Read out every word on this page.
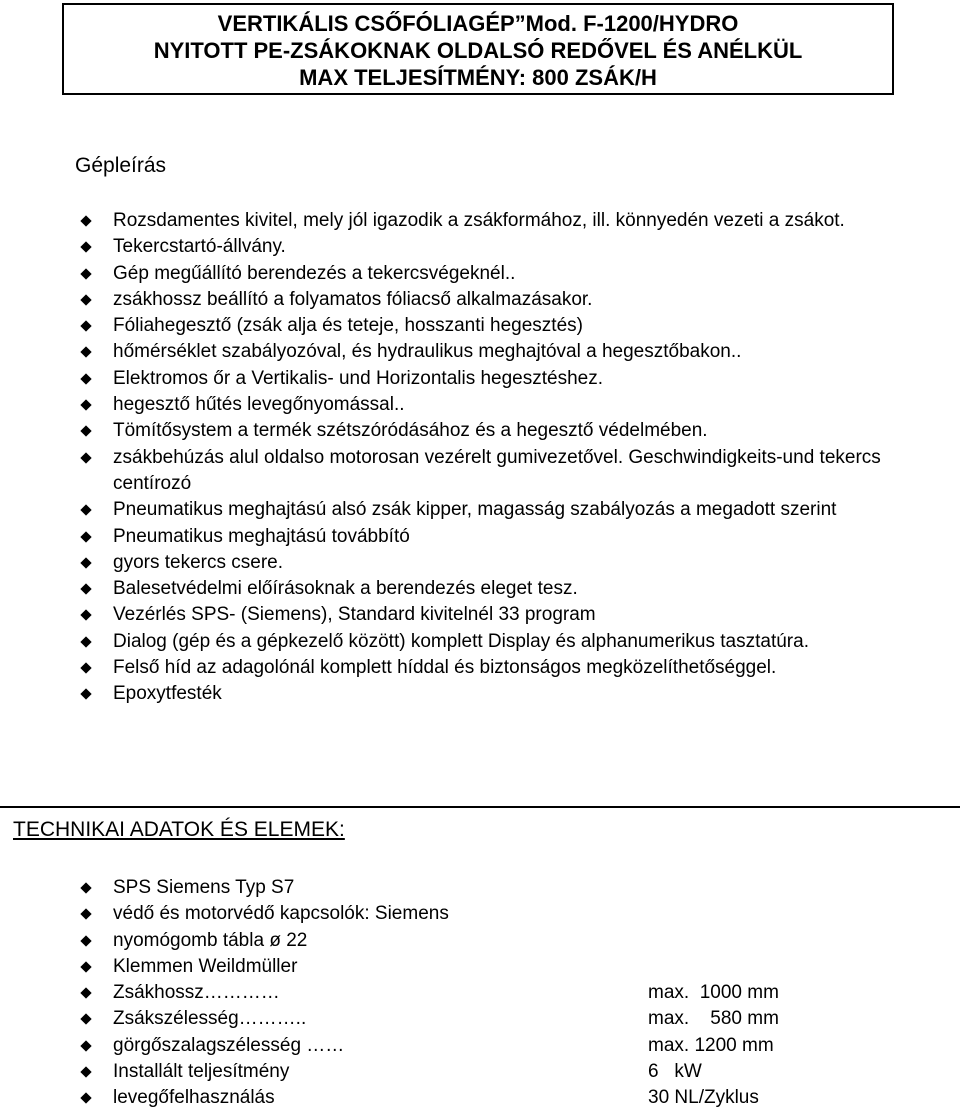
VERTIKÁLIS CSŐFÓLIAGÉP”Mod. F-1200/HYDRO
NYITOTT PE-ZSÁKOKNAK OLDALSÓ REDŐVEL ÉS ANÉLKÜL
MAX TELJESÍTMÉNY: 800 ZSÁK/H
Gépleírás
Rozsdamentes kivitel, mely jól igazodik a zsákformához, ill. könnyedén vezeti a zsákot.
Tekercstartó-állvány.
Gép megűállító berendezés a tekercsvégeknél..
zsákhossz beállító a folyamatos fóliacső alkalmazásakor.
Fóliahegesztő (zsák alja és teteje, hosszanti hegesztés)
hőmérséklet szabályozóval, és hydraulikus meghajtóval a hegesztőbakon..
Elektromos őr a Vertikalis- und Horizontalis hegesztéshez.
hegesztő hűtés levegőnyomással..
Tömítősystem a termék szétszóródásához és a hegesztő védelmében.
zsákbehúzás alul oldalso motorosan vezérelt gumivezetővel. Geschwindigkeits-und tekercs centírozó
Pneumatikus meghajtású alsó zsák kipper, magasság szabályozás a megadott szerint
Pneumatikus meghajtású továbbító
gyors tekercs csere.
Balesetvédelmi előírásoknak a berendezés eleget tesz.
Vezérlés SPS- (Siemens), Standard kivitelnél 33 program
Dialog (gép és a gépkezelő között) komplett Display és alphanumerikus tasztatúra.
Felső híd az adagolónál komplett híddal és biztonságos megközelíthetőséggel.
Epoxytfesték
TECHNIKAI ADATOK ÉS ELEMEK:
SPS Siemens Typ S7
védő és motorvédő kapcsolók: Siemens
nyomógomb tábla ø 22
Klemmen Weildmüller
Zsákhossz…………	max.  1000 mm
Zsákszélesség………..	max.    580 mm
görgőszalagszélesség ……	max. 1200 mm
Installált teljesítmény	6   kW
levegőfelhasználás	30 NL/Zyklus
